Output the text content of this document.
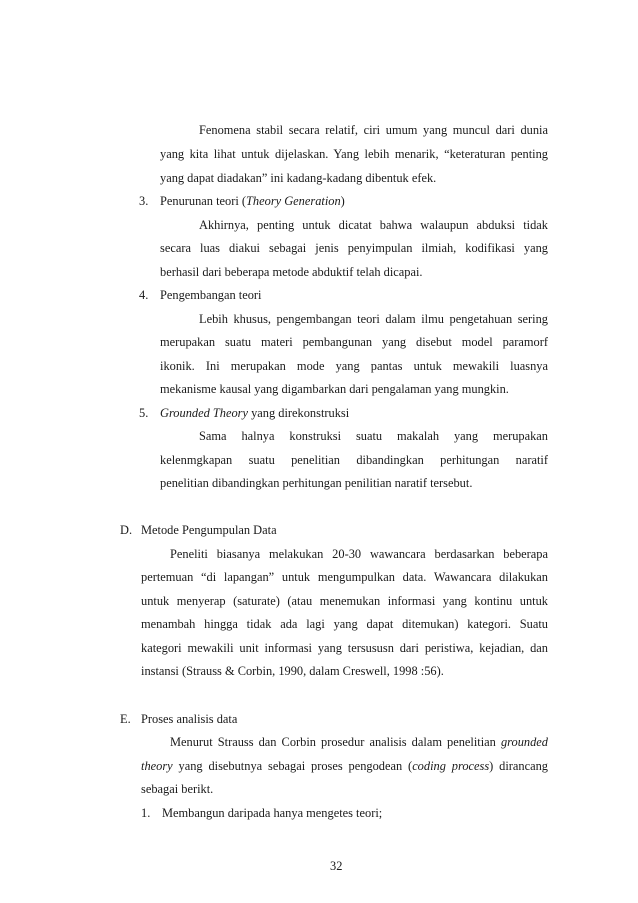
Fenomena stabil secara relatif, ciri umum yang muncul dari dunia
yang kita lihat untuk dijelaskan. Yang lebih menarik, “keteraturan penting
yang dapat diadakan” ini kadang-kadang dibentuk efek.
3. Penurunan teori (Theory Generation)
Akhirnya, penting untuk dicatat bahwa walaupun abduksi tidak
secara luas diakui sebagai jenis penyimpulan ilmiah, kodifikasi yang
berhasil dari beberapa metode abduktif telah dicapai.
4. Pengembangan teori
Lebih khusus, pengembangan teori dalam ilmu pengetahuan sering
merupakan suatu materi pembangunan yang disebut model paramorf
ikonik. Ini merupakan mode yang pantas untuk mewakili luasnya
mekanisme kausal yang digambarkan dari pengalaman yang mungkin.
5. Grounded Theory yang direkonstruksi
Sama halnya konstruksi suatu makalah yang merupakan
kelenmgkapan suatu penelitian dibandingkan perhitungan naratif
penelitian dibandingkan perhitungan penilitian naratif tersebut.
D. Metode Pengumpulan Data
Peneliti biasanya melakukan 20-30 wawancara berdasarkan beberapa
pertemuan “di lapangan” untuk mengumpulkan data. Wawancara dilakukan
untuk menyerap (saturate) (atau menemukan informasi yang kontinu untuk
menambah hingga tidak ada lagi yang dapat ditemukan) kategori. Suatu
kategori mewakili unit informasi yang tersususn dari peristiwa, kejadian, dan
instansi (Strauss & Corbin, 1990, dalam Creswell, 1998 :56).
E. Proses analisis data
Menurut Strauss dan Corbin prosedur analisis dalam penelitian grounded
theory yang disebutnya sebagai proses pengodean (coding process) dirancang
sebagai berikt.
1. Membangun daripada hanya mengetes teori;
32
